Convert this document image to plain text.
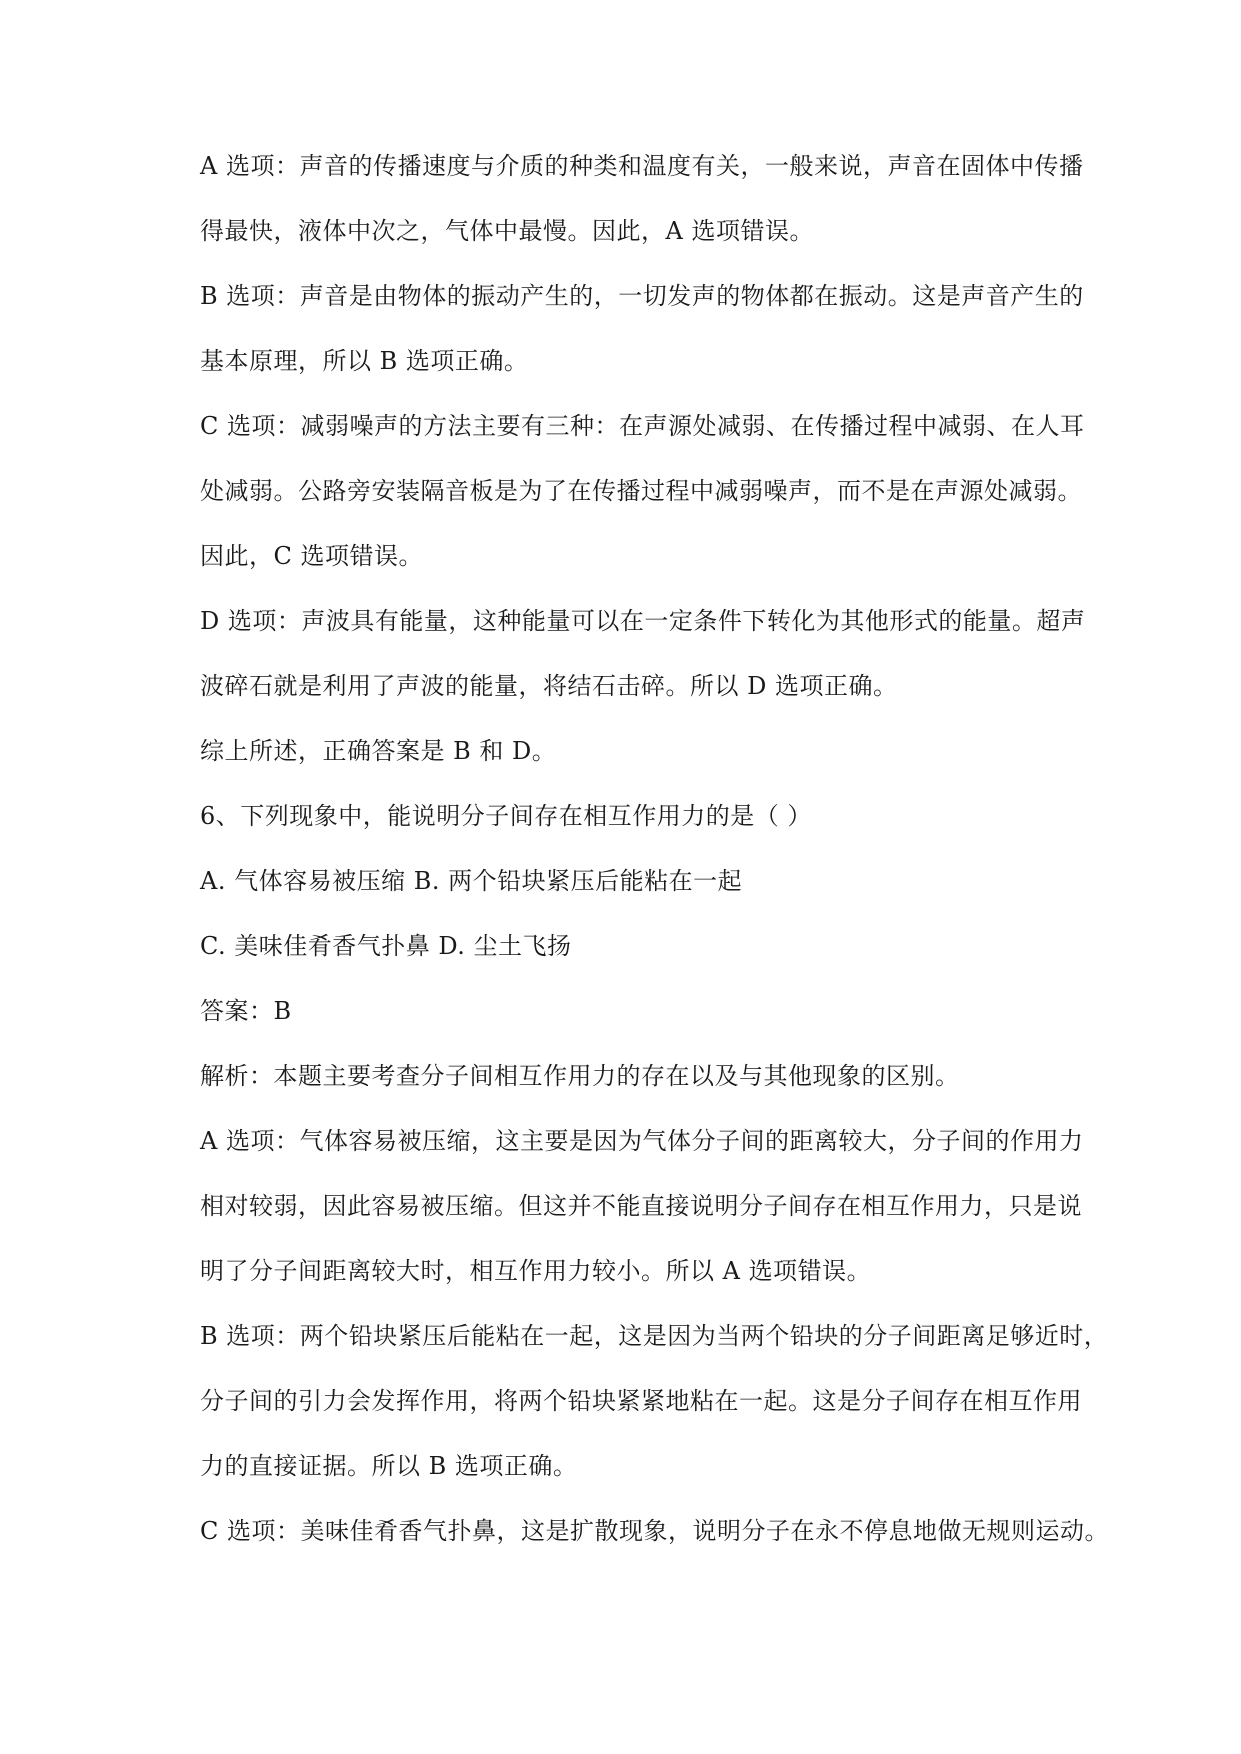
A 选项：声音的传播速度与介质的种类和温度有关，一般来说，声音在固体中传播
得最快，液体中次之，气体中最慢。因此，A 选项错误。
B 选项：声音是由物体的振动产生的，一切发声的物体都在振动。这是声音产生的
基本原理，所以 B 选项正确。
C 选项：减弱噪声的方法主要有三种：在声源处减弱、在传播过程中减弱、在人耳
处减弱。公路旁安装隔音板是为了在传播过程中减弱噪声，而不是在声源处减弱。
因此，C 选项错误。
D 选项：声波具有能量，这种能量可以在一定条件下转化为其他形式的能量。超声
波碎石就是利用了声波的能量，将结石击碎。所以 D 选项正确。
综上所述，正确答案是 B 和 D。
6、下列现象中，能说明分子间存在相互作用力的是（ ）
A. 气体容易被压缩 B. 两个铅块紧压后能粘在一起
C. 美味佳肴香气扑鼻 D. 尘土飞扬
答案：B
解析：本题主要考查分子间相互作用力的存在以及与其他现象的区别。
A 选项：气体容易被压缩，这主要是因为气体分子间的距离较大，分子间的作用力
相对较弱，因此容易被压缩。但这并不能直接说明分子间存在相互作用力，只是说
明了分子间距离较大时，相互作用力较小。所以 A 选项错误。
B 选项：两个铅块紧压后能粘在一起，这是因为当两个铅块的分子间距离足够近时，
分子间的引力会发挥作用，将两个铅块紧紧地粘在一起。这是分子间存在相互作用
力的直接证据。所以 B 选项正确。
C 选项：美味佳肴香气扑鼻，这是扩散现象，说明分子在永不停息地做无规则运动。
